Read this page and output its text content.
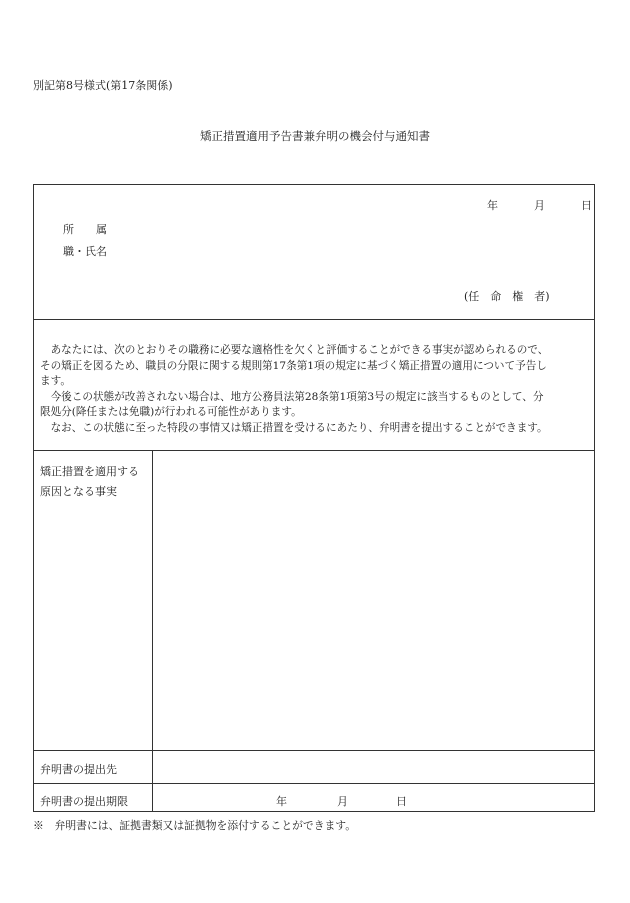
別記第8号様式(第17条関係)
矯正措置適用予告書兼弁明の機会付与通知書
年	月	日
所　　属
職・氏名
(任　命　権　者)

あなたには、次のとおりその職務に必要な適格性を欠くと評価することができる事実が認められるので、

その矯正を図るため、職員の分限に関する規則第17条第1項の規定に基づく矯正措置の適用について予告し

ます。

今後この状態が改善されない場合は、地方公務員法第28条第1項第3号の規定に該当するものとして、分

限処分(降任または免職)が行われる可能性があります。

なお、この状態に至った特段の事情又は矯正措置を受けるにあたり、弁明書を提出することができます。

矯正措置を適用する
原因となる事実
弁明書の提出先
弁明書の提出期限	年	月	日
※　弁明書には、証拠書類又は証拠物を添付することができます。
